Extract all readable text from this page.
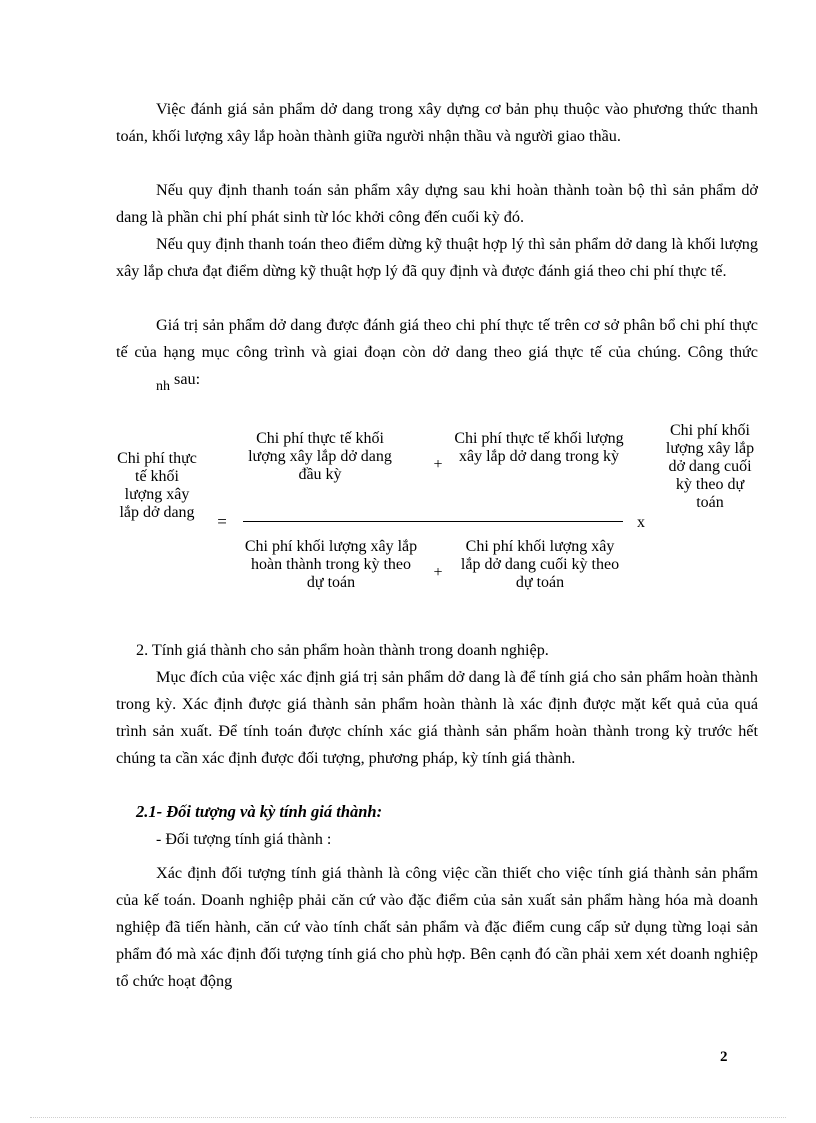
Việc đánh giá sản phẩm dở dang trong xây dựng cơ bản phụ thuộc vào phương thức thanh toán, khối lượng xây lắp hoàn thành giữa người nhận thầu và người giao thầu.

Nếu quy định thanh toán sản phẩm xây dựng sau khi hoàn thành toàn bộ thì sản phẩm dở dang là phần chi phí phát sinh từ lóc khởi công đến cuối kỳ đó.

Nếu quy định thanh toán theo điểm dừng kỹ thuật hợp lý thì sản phẩm dở dang là khối lượng xây lắp chưa đạt điểm dừng kỹ thuật hợp lý đã quy định và được đánh giá theo chi phí thực tế.

Giá trị sản phẩm dở dang được đánh giá theo chi phí thực tế trên cơ sở phân bổ chi phí thực tế của hạng mục công trình và giai đoạn còn dở dang theo giá thực tế của chúng. Công thức nh sau:

Chi phí thực tế khối lượng xây lắp dở dang	=
Chi phí thực tế khối lượng xây lắp dở dang đầu kỳ
+
Chi phí thực tế khối lượng xây lắp dở dang trong kỳ
Chi phí khối lượng xây lắp hoàn thành trong kỳ theo dự toán
+
Chi phí khối lượng xây lắp dở dang cuối kỳ theo dự toán
x
Chi phí khối lượng xây lắp dở dang cuối kỳ theo dự toán

2. Tính giá thành cho sản phẩm hoàn thành trong doanh nghiệp.

Mục đích của việc xác định giá trị sản phẩm dở dang là để tính giá cho sản phẩm hoàn thành trong kỳ. Xác định được giá thành sản phẩm hoàn thành là xác định được mặt kết quả của quá trình sản xuất. Để tính toán được chính xác giá thành sản phẩm hoàn thành trong kỳ trước hết chúng ta cần xác định được đối tượng, phương pháp, kỳ tính giá thành.

2.1- Đối tượng và kỳ tính giá thành:

- Đối tượng tính giá thành :

Xác định đối tượng tính giá thành là công việc cần thiết cho việc tính giá thành sản phẩm của kế toán. Doanh nghiệp phải căn cứ vào đặc điểm của sản xuất sản phẩm hàng hóa mà doanh nghiệp đã tiến hành, căn cứ vào tính chất sản phẩm và đặc điểm cung cấp sử dụng từng loại sản phẩm đó mà xác định đối tượng tính giá cho phù hợp. Bên cạnh đó cần phải xem xét doanh nghiệp tổ chức hoạt động

2
